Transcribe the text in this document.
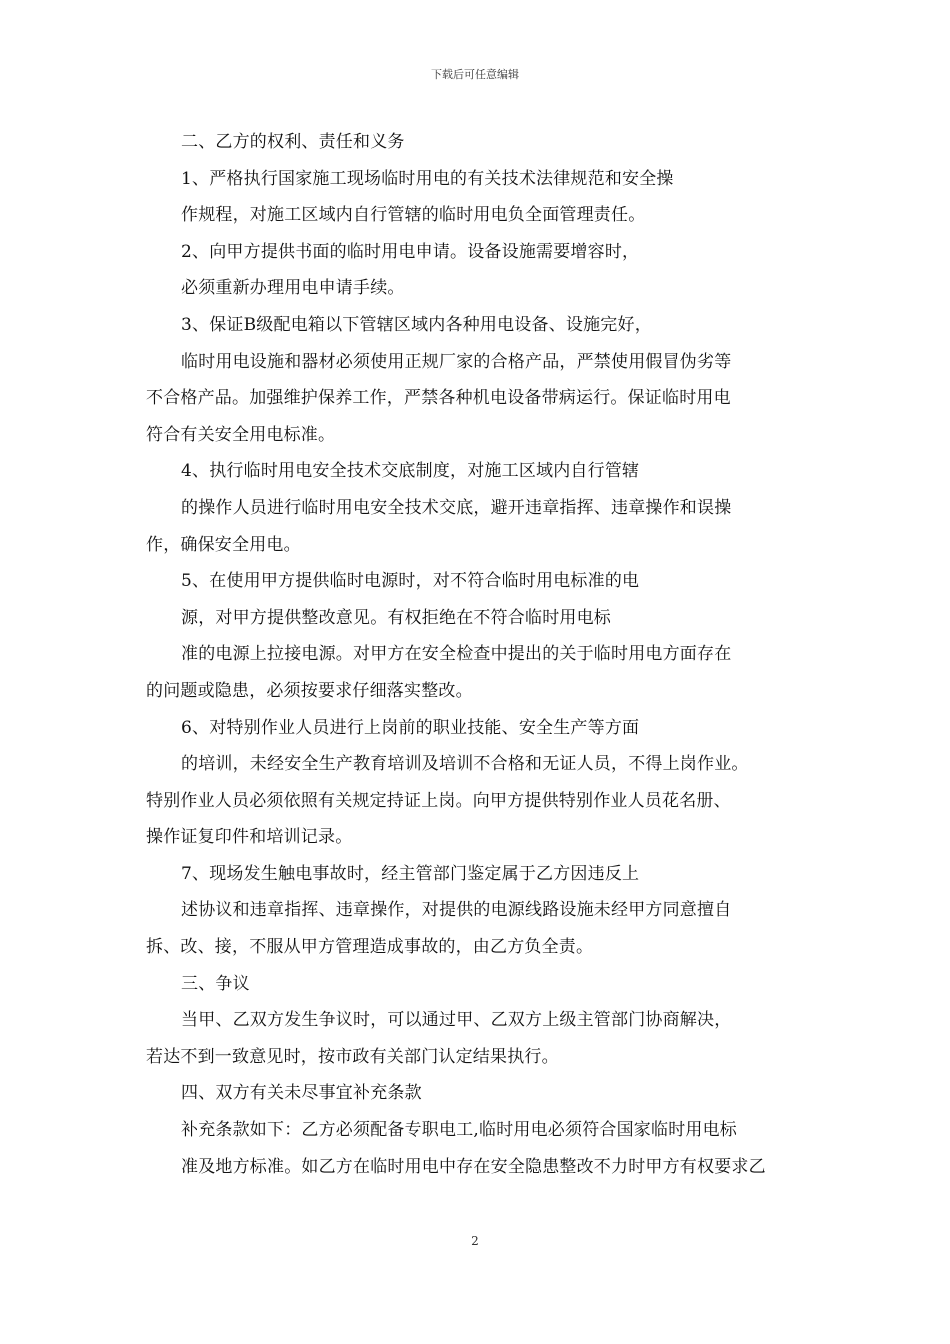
下载后可任意编辑
二、乙方的权利、责任和义务
1、严格执行国家施工现场临时用电的有关技术法律规范和安全操
作规程，对施工区域内自行管辖的临时用电负全面管理责任。
2、向甲方提供书面的临时用电申请。设备设施需要增容时，
必须重新办理用电申请手续。
3、保证B级配电箱以下管辖区域内各种用电设备、设施完好，
临时用电设施和器材必须使用正规厂家的合格产品，严禁使用假冒伪劣等
不合格产品。加强维护保养工作，严禁各种机电设备带病运行。保证临时用电
符合有关安全用电标准。
4、执行临时用电安全技术交底制度，对施工区域内自行管辖
的操作人员进行临时用电安全技术交底，避开违章指挥、违章操作和误操
作，确保安全用电。
5、在使用甲方提供临时电源时，对不符合临时用电标准的电
源，对甲方提供整改意见。有权拒绝在不符合临时用电标
准的电源上拉接电源。对甲方在安全检查中提出的关于临时用电方面存在
的问题或隐患，必须按要求仔细落实整改。
6、对特别作业人员进行上岗前的职业技能、安全生产等方面
的培训，未经安全生产教育培训及培训不合格和无证人员，不得上岗作业。
特别作业人员必须依照有关规定持证上岗。向甲方提供特别作业人员花名册、
操作证复印件和培训记录。
7、现场发生触电事故时，经主管部门鉴定属于乙方因违反上
述协议和违章指挥、违章操作，对提供的电源线路设施未经甲方同意擅自
拆、改、接，不服从甲方管理造成事故的，由乙方负全责。
三、争议
当甲、乙双方发生争议时，可以通过甲、乙双方上级主管部门协商解决，
若达不到一致意见时，按市政有关部门认定结果执行。
四、双方有关未尽事宜补充条款
补充条款如下：乙方必须配备专职电工,临时用电必须符合国家临时用电标
准及地方标准。如乙方在临时用电中存在安全隐患整改不力时甲方有权要求乙
2
